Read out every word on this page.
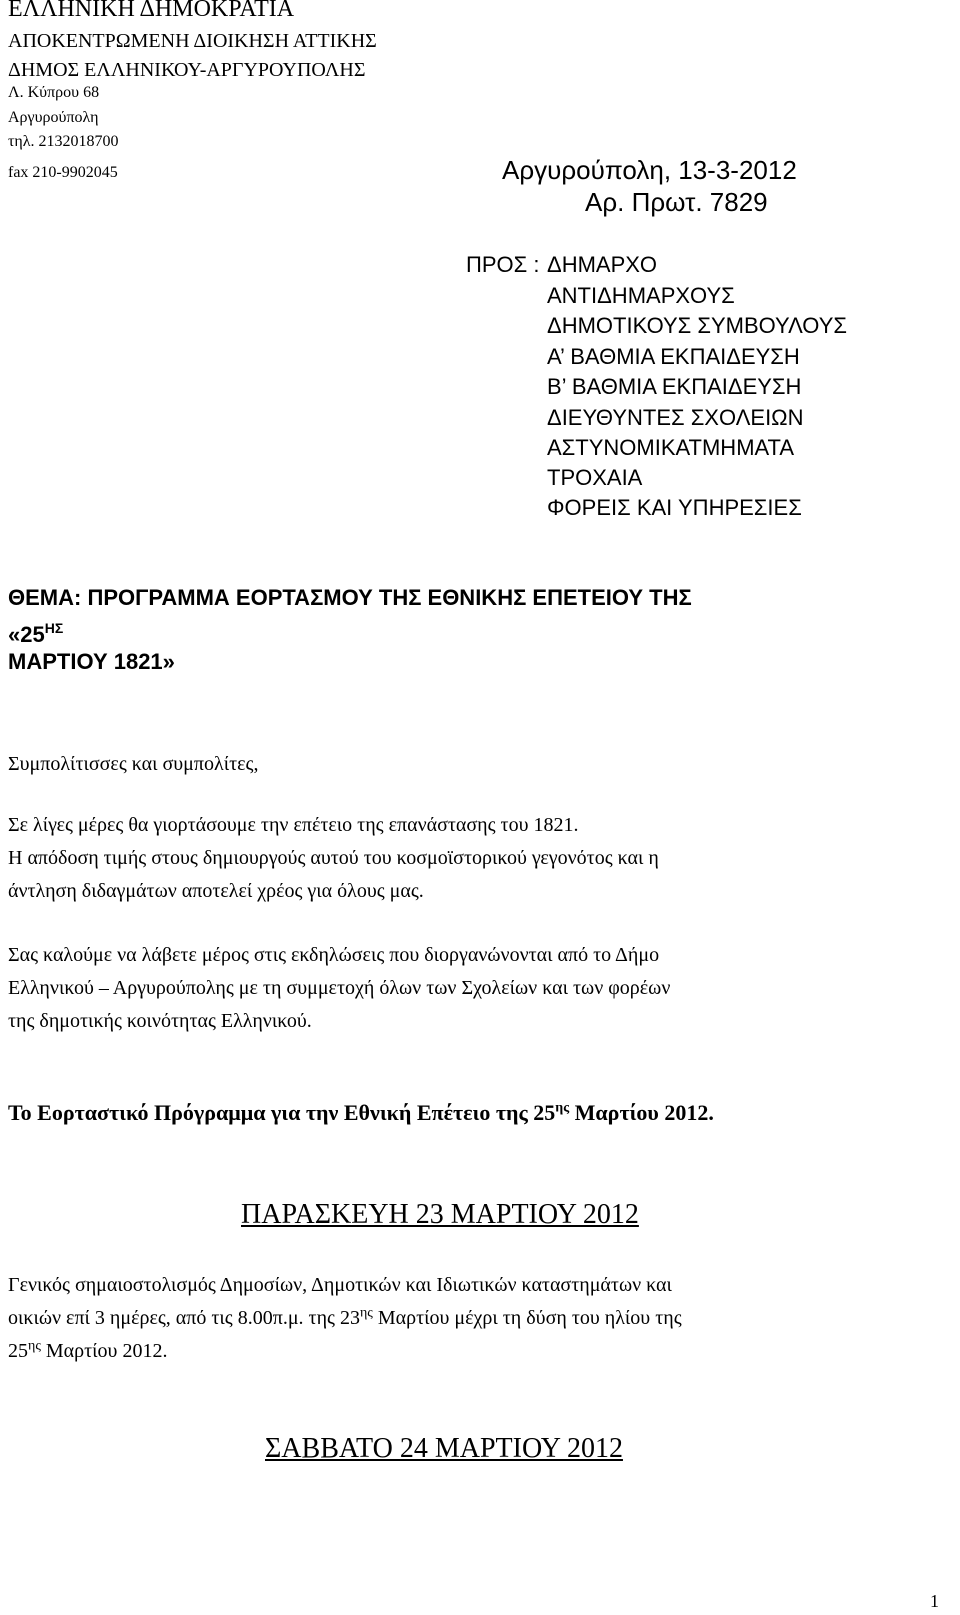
ΕΛΛΗΝΙΚΗ ΔΗΜΟΚΡΑΤΙΑ
ΑΠΟΚΕΝΤΡΩΜΕΝΗ ΔΙΟΙΚΗΣΗ ΑΤΤΙΚΗΣ
ΔΗΜΟΣ ΕΛΛΗΝΙΚΟΥ-ΑΡΓΥΡΟΥΠΟΛΗΣ
Λ. Κύπρου 68
Αργυρούπολη
τηλ. 2132018700
fax 210-9902045	Αργυρούπολη, 13-3-2012
Αρ. Πρωτ. 7829
ΠΡΟΣ : ΔΗΜΑΡΧΟ
ΑΝΤΙΔΗΜΑΡΧΟΥΣ
ΔΗΜΟΤΙΚΟΥΣ ΣΥΜΒΟΥΛΟΥΣ
Α’ ΒΑΘΜΙΑ ΕΚΠΑΙΔΕΥΣΗ
Β’ ΒΑΘΜΙΑ ΕΚΠΑΙΔΕΥΣΗ
ΔΙΕΥΘΥΝΤΕΣ ΣΧΟΛΕΙΩΝ
ΑΣΤΥΝΟΜΙΚΑΤΜΗΜΑΤΑ
ΤΡΟΧΑΙΑ
ΦΟΡΕΙΣ ΚΑΙ ΥΠΗΡΕΣΙΕΣ
ΘΕΜΑ: ΠΡΟΓΡΑΜΜΑ ΕΟΡΤΑΣΜΟΥ ΤΗΣ ΕΘΝΙΚΗΣ ΕΠΕΤΕΙΟΥ ΤΗΣ
«$25^{H\Sigma}$
ΜΑΡΤΙΟΥ 1821»
Συμπολίτισσες και συμπολίτες,
Σε λίγες μέρες θα γιορτάσουμε την επέτειο της επανάστασης του 1821.
Η απόδοση τιμής στους δημιουργούς αυτού του κοσμοϊστορικού γεγονότος και η
άντληση διδαγμάτων αποτελεί χρέος για όλους μας.
Σας καλούμε να λάβετε μέρος στις εκδηλώσεις που διοργανώνονται από το Δήμο
Ελληνικού – Αργυρούπολης με τη συμμετοχή όλων των Σχολείων και των φορέων
της δημοτικής κοινότητας Ελληνικού.
Το Εορταστικό Πρόγραμμα για την Εθνική Επέτειο της $25^{\eta\varsigma}$ Μαρτίου 2012.
ΠΑΡΑΣΚΕΥΗ 23 ΜΑΡΤΙΟΥ 2012
Γενικός σημαιοστολισμός Δημοσίων, Δημοτικών και Ιδιωτικών καταστημάτων και
οικιών επί 3 ημέρες, από τις 8.00π.μ. της $23^{\eta\varsigma}$ Μαρτίου μέχρι τη δύση του ηλίου της
$25^{\eta\varsigma}$ Μαρτίου 2012.
ΣΑΒΒΑΤΟ 24 ΜΑΡΤΙΟΥ 2012
1
